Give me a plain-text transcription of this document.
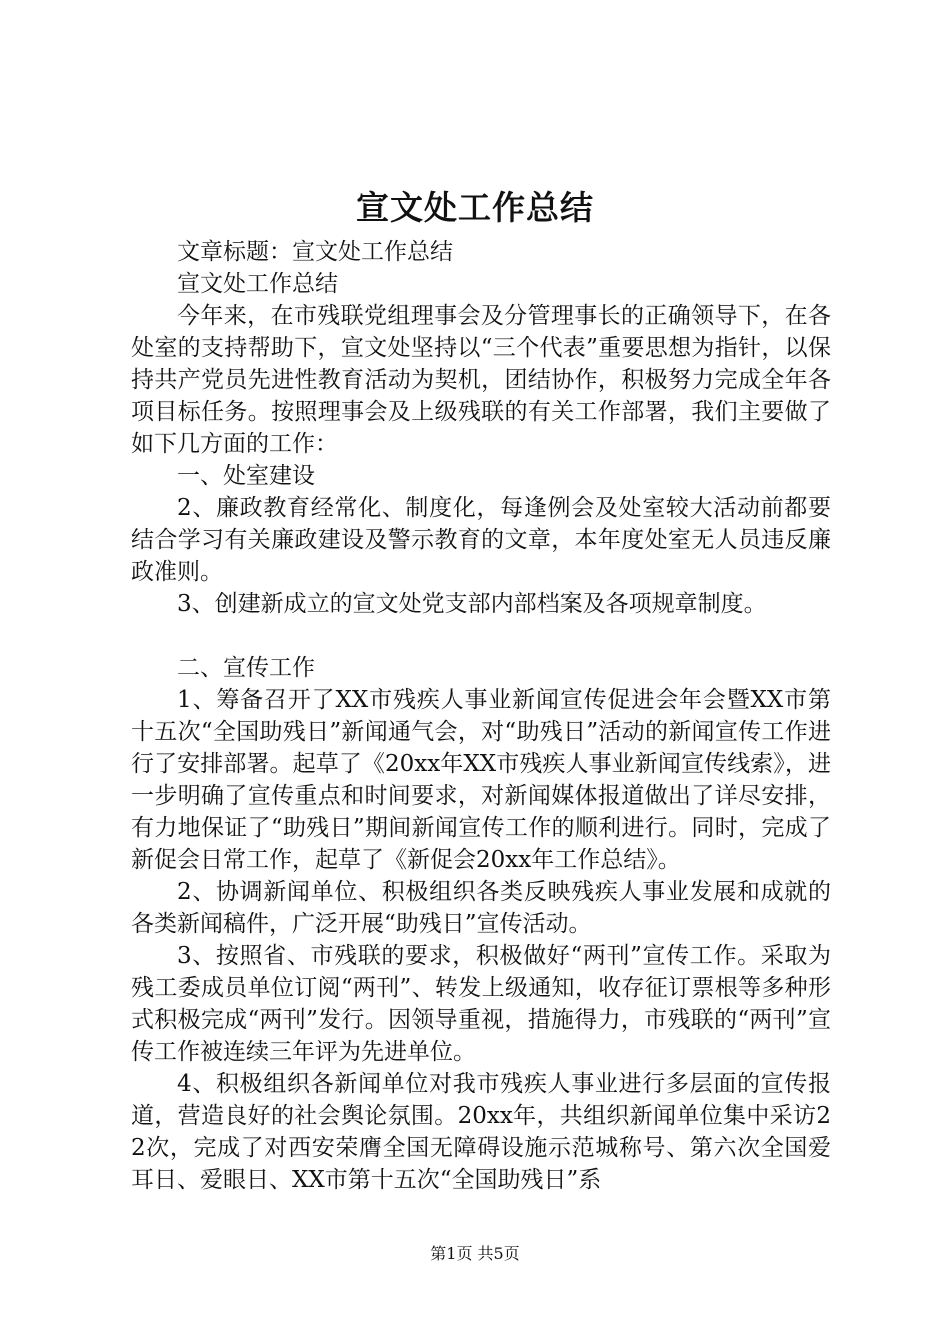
宣文处工作总结

文章标题：宣文处工作总结

宣文处工作总结

今年来，在市残联党组理事会及分管理事长的正确领导下，在各处室的支持帮助下，宣文处坚持以“三个代表”重要思想为指针，以保持共产党员先进性教育活动为契机，团结协作，积极努力完成全年各项目标任务。按照理事会及上级残联的有关工作部署，我们主要做了如下几方面的工作：

一、处室建设

2、廉政教育经常化、制度化，每逢例会及处室较大活动前都要结合学习有关廉政建设及警示教育的文章，本年度处室无人员违反廉政准则。

3、创建新成立的宣文处党支部内部档案及各项规章制度。

二、宣传工作

1、筹备召开了XX市残疾人事业新闻宣传促进会年会暨XX市第十五次“全国助残日”新闻通气会，对“助残日”活动的新闻宣传工作进行了安排部署。起草了《20xx年XX市残疾人事业新闻宣传线索》，进一步明确了宣传重点和时间要求，对新闻媒体报道做出了详尽安排，有力地保证了“助残日”期间新闻宣传工作的顺利进行。同时，完成了新促会日常工作，起草了《新促会20xx年工作总结》。

2、协调新闻单位、积极组织各类反映残疾人事业发展和成就的各类新闻稿件，广泛开展“助残日”宣传活动。

3、按照省、市残联的要求，积极做好“两刊”宣传工作。采取为残工委成员单位订阅“两刊”、转发上级通知，收存征订票根等多种形式积极完成“两刊”发行。因领导重视，措施得力，市残联的“两刊”宣传工作被连续三年评为先进单位。

4、积极组织各新闻单位对我市残疾人事业进行多层面的宣传报道，营造良好的社会舆论氛围。20xx年，共组织新闻单位集中采访22次，完成了对西安荣膺全国无障碍设施示范城称号、第六次全国爱耳日、爱眼日、XX市第十五次“全国助残日”系

第1页 共5页
